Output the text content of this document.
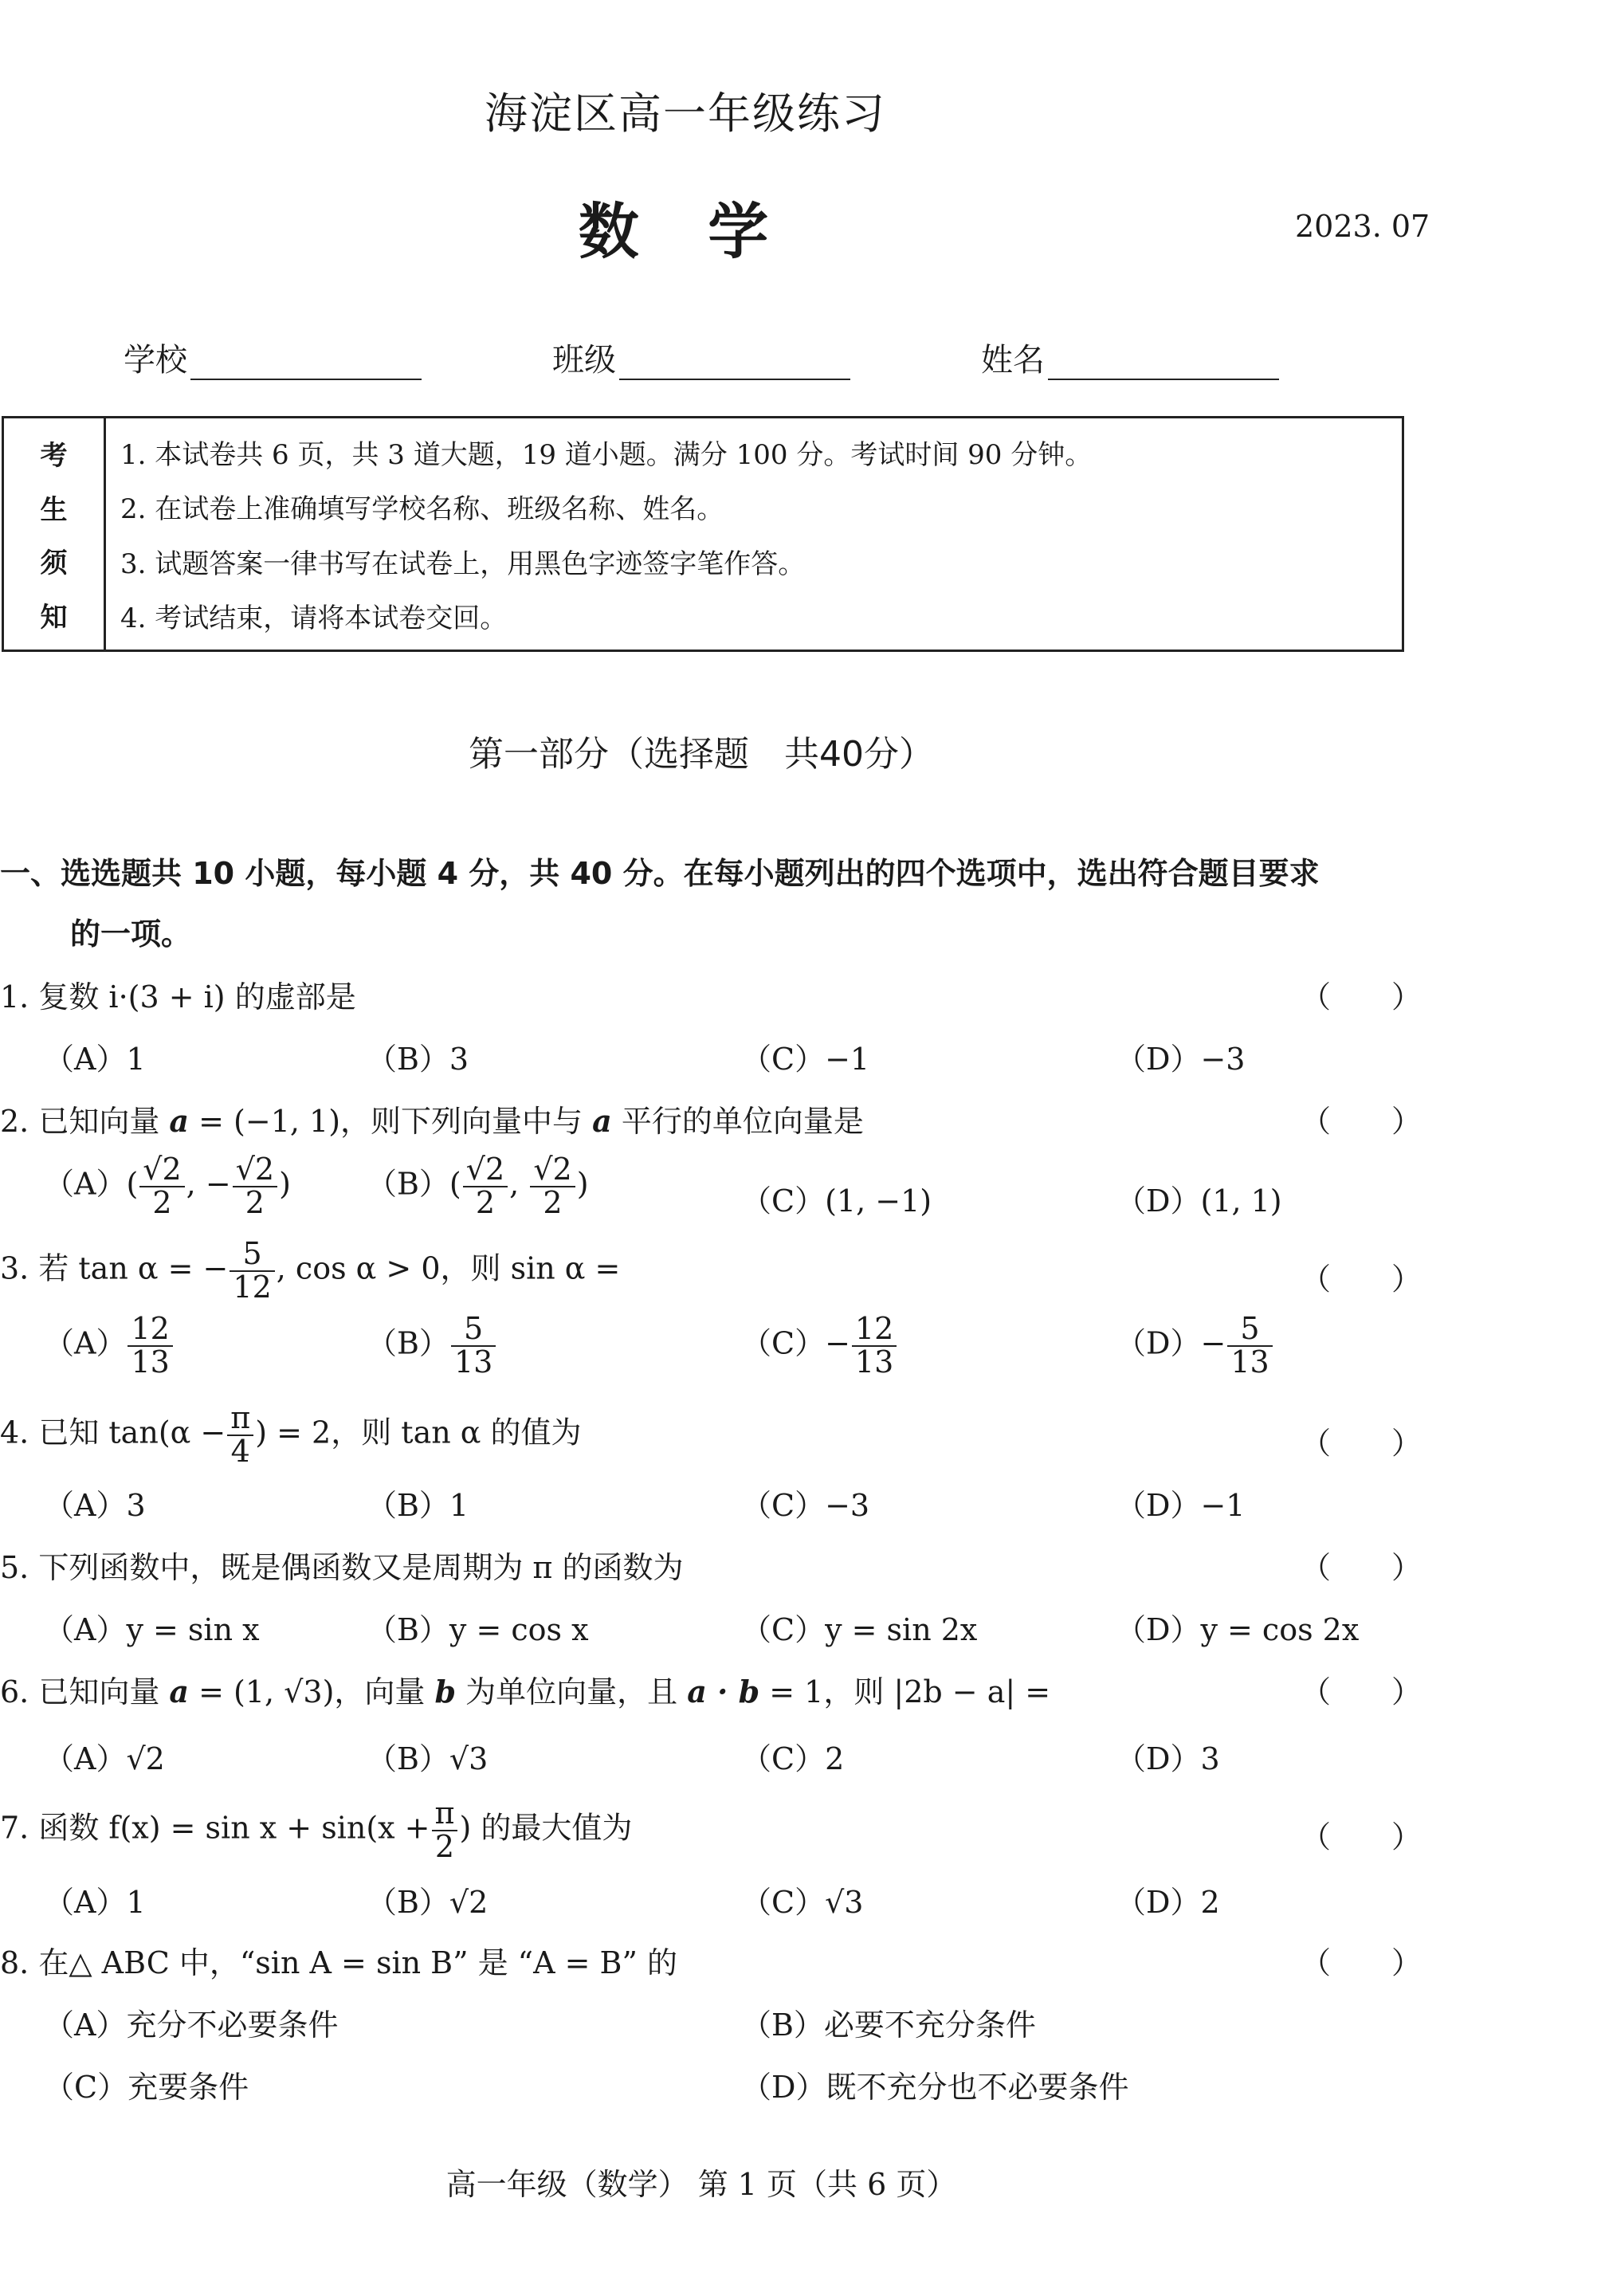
海淀区高一年级练习
数 学	2023. 07
学校	班级	姓名
考
生
须
知
1. 本试卷共 6 页，共 3 道大题，19 道小题。满分 100 分。考试时间 90 分钟。
2. 在试卷上准确填写学校名称、班级名称、姓名。
3. 试题答案一律书写在试卷上，用黑色字迹签字笔作答。
4. 考试结束，请将本试卷交回。
第一部分（选择题　共40分）
一、选选题共 10 小题，每小题 4 分，共 40 分。在每小题列出的四个选项中，选出符合题目要求
的一项。
1. 复数 i·(3 + i) 的虚部是	（　　）
（A）1	（B）3	（C）−1	（D）−3
2. 已知向量 a = (−1, 1)，则下列向量中与 a 平行的单位向量是	（　　）
$(A)( \frac{√2}{2}$ , − $\frac{√2}{2}$ )	$(B)( \frac{√2}{2}$ , $\frac{√2}{2}$ )	（C）(1, −1)	（D）(1, 1)
3. 若 tan α = − $\frac{5}{12}$ , cos α > 0，则 sin α =	（　　）
$(A) \frac{12}{13}$	$(B) \frac{5}{13}$	$(C)- \frac{12}{13}$	$(D)- \frac{5}{13}$
4. 已知 $\tan(\alpha - \frac{\pi}{4}$ ) = 2，则 tan α 的值为	（　　）
（A）3	（B）1	（C）−3	（D）−1
5. 下列函数中，既是偶函数又是周期为 π 的函数为	（　　）
（A）y = sin x	（B）y = cos x	（C）y = sin 2x	（D）y = cos 2x
6. 已知向量 a = (1, √3)，向量 b 为单位向量，且 a · b = 1，则 |2b − a| =	（　　）
（A）√2	（B）√3	（C）2	（D）3
7. 函数 $f(x) = \sin x + \sin(x + \frac{\pi}{2}$ ) 的最大值为	（　　）
（A）1	（B）√2	（C）√3	（D）2
8. 在△ ABC 中，“sin A = sin B” 是 “A = B” 的	（　　）
（A）充分不必要条件	（B）必要不充分条件
（C）充要条件	（D）既不充分也不必要条件
高一年级（数学） 第 1 页（共 6 页）
